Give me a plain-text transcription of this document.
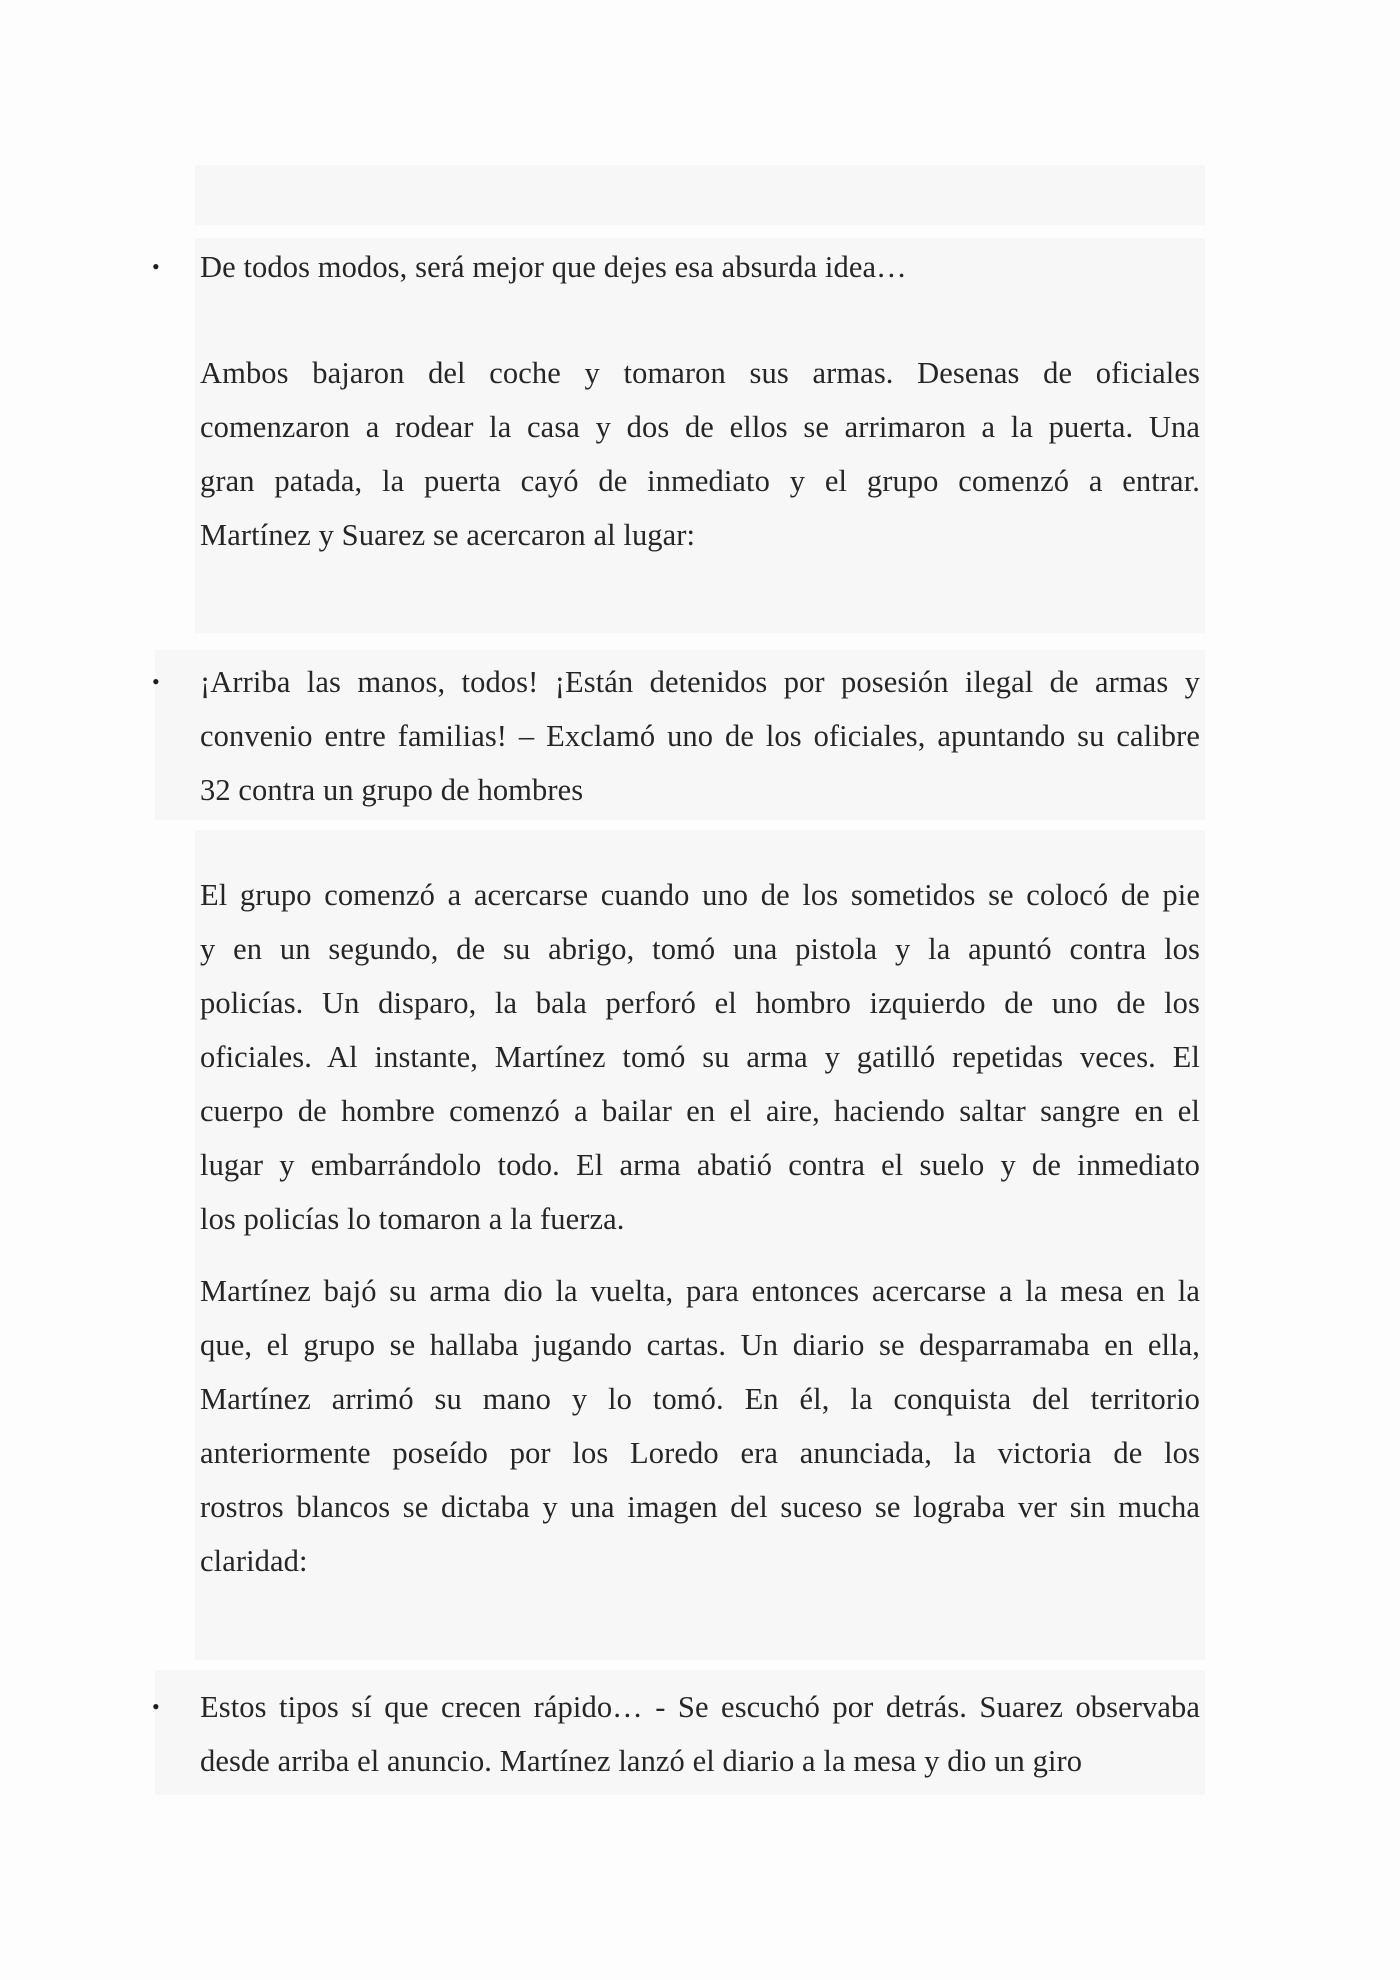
• De todos modos, será mejor que dejes esa absurda idea…
Ambos bajaron del coche y tomaron sus armas. Desenas de oficiales
comenzaron a rodear la casa y dos de ellos se arrimaron a la puerta. Una
gran patada, la puerta cayó de inmediato y el grupo comenzó a entrar.
Martínez y Suarez se acercaron al lugar:
• ¡Arriba las manos, todos! ¡Están detenidos por posesión ilegal de armas y
convenio entre familias! – Exclamó uno de los oficiales, apuntando su calibre
32 contra un grupo de hombres
El grupo comenzó a acercarse cuando uno de los sometidos se colocó de pie
y en un segundo, de su abrigo, tomó una pistola y la apuntó contra los
policías. Un disparo, la bala perforó el hombro izquierdo de uno de los
oficiales. Al instante, Martínez tomó su arma y gatilló repetidas veces. El
cuerpo de hombre comenzó a bailar en el aire, haciendo saltar sangre en el
lugar y embarrándolo todo. El arma abatió contra el suelo y de inmediato
los policías lo tomaron a la fuerza.
Martínez bajó su arma dio la vuelta, para entonces acercarse a la mesa en la
que, el grupo se hallaba jugando cartas. Un diario se desparramaba en ella,
Martínez arrimó su mano y lo tomó. En él, la conquista del territorio
anteriormente poseído por los Loredo era anunciada, la victoria de los
rostros blancos se dictaba y una imagen del suceso se lograba ver sin mucha
claridad:
• Estos tipos sí que crecen rápido… - Se escuchó por detrás. Suarez observaba
desde arriba el anuncio. Martínez lanzó el diario a la mesa y dio un giro
